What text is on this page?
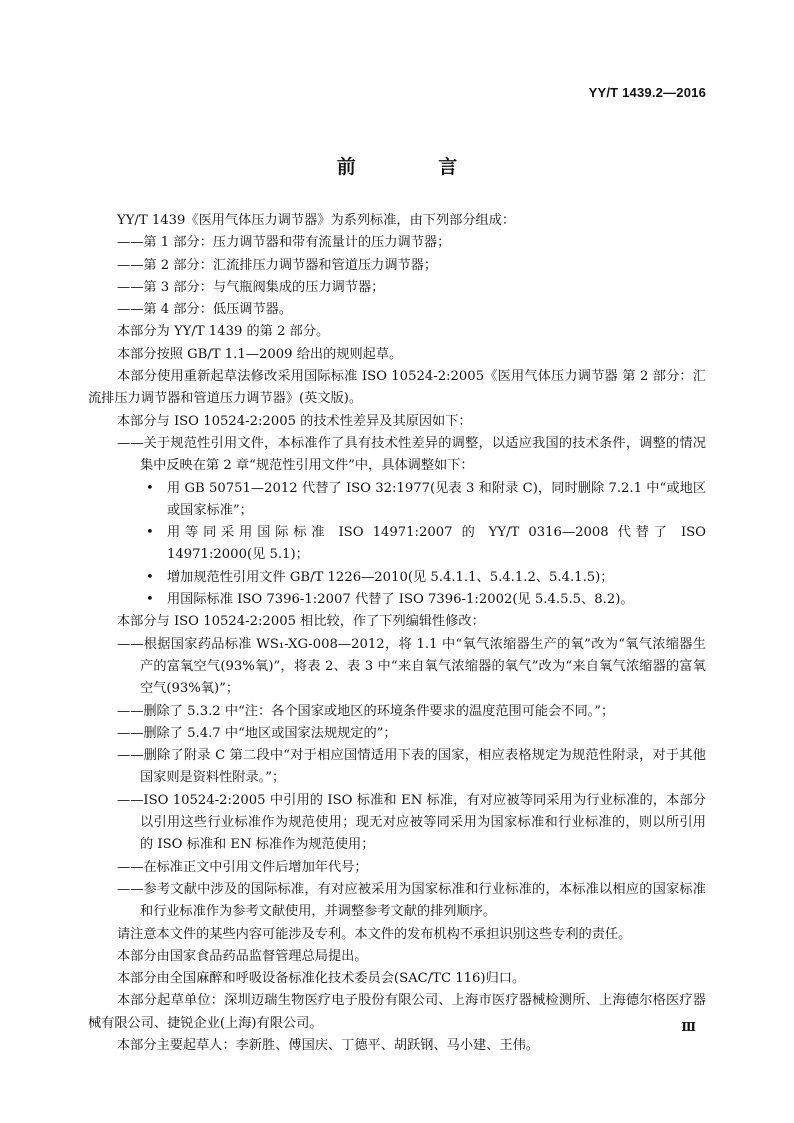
YY/T 1439.2—2016
前 言
YY/T 1439《医用气体压力调节器》为系列标准，由下列部分组成：
——第 1 部分：压力调节器和带有流量计的压力调节器；
——第 2 部分：汇流排压力调节器和管道压力调节器；
——第 3 部分：与气瓶阀集成的压力调节器；
——第 4 部分：低压调节器。
本部分为 YY/T 1439 的第 2 部分。
本部分按照 GB/T 1.1—2009 给出的规则起草。
本部分使用重新起草法修改采用国际标准 ISO 10524-2:2005《医用气体压力调节器 第 2 部分：汇流排压力调节器和管道压力调节器》(英文版)。
本部分与 ISO 10524-2:2005 的技术性差异及其原因如下：
——关于规范性引用文件，本标准作了具有技术性差异的调整，以适应我国的技术条件，调整的情况集中反映在第 2 章“规范性引用文件”中，具体调整如下：
• 用 GB 50751—2012 代替了 ISO 32:1977(见表 3 和附录 C)，同时删除 7.2.1 中“或地区或国家标准”；
• 用等同采用国际标准 ISO 14971:2007 的 YY/T 0316—2008 代替了 ISO 14971:2000(见 5.1)；
• 增加规范性引用文件 GB/T 1226—2010(见 5.4.1.1、5.4.1.2、5.4.1.5)；
• 用国际标准 ISO 7396-1:2007 代替了 ISO 7396-1:2002(见 5.4.5.5、8.2)。
本部分与 ISO 10524-2:2005 相比较，作了下列编辑性修改：
——根据国家药品标准 WS₁-XG-008—2012，将 1.1 中“氧气浓缩器生产的氧”改为“氧气浓缩器生产的富氧空气(93%氧)”，将表 2、表 3 中“来自氧气浓缩器的氧气”改为“来自氧气浓缩器的富氧空气(93%氧)”；
——删除了 5.3.2 中“注：各个国家或地区的环境条件要求的温度范围可能会不同。”；
——删除了 5.4.7 中“地区或国家法规规定的”；
——删除了附录 C 第二段中“对于相应国情适用下表的国家，相应表格规定为规范性附录，对于其他国家则是资料性附录。”；
——ISO 10524-2:2005 中引用的 ISO 标准和 EN 标准，有对应被等同采用为行业标准的，本部分以引用这些行业标准作为规范使用；现无对应被等同采用为国家标准和行业标准的，则以所引用的 ISO 标准和 EN 标准作为规范使用；
——在标准正文中引用文件后增加年代号；
——参考文献中涉及的国际标准，有对应被采用为国家标准和行业标准的，本标准以相应的国家标准和行业标准作为参考文献使用，并调整参考文献的排列顺序。
请注意本文件的某些内容可能涉及专利。本文件的发布机构不承担识别这些专利的责任。
本部分由国家食品药品监督管理总局提出。
本部分由全国麻醉和呼吸设备标准化技术委员会(SAC/TC 116)归口。
本部分起草单位：深圳迈瑞生物医疗电子股份有限公司、上海市医疗器械检测所、上海德尔格医疗器械有限公司、捷锐企业(上海)有限公司。
本部分主要起草人：李新胜、傅国庆、丁德平、胡跃钢、马小建、王伟。
Ⅲ
